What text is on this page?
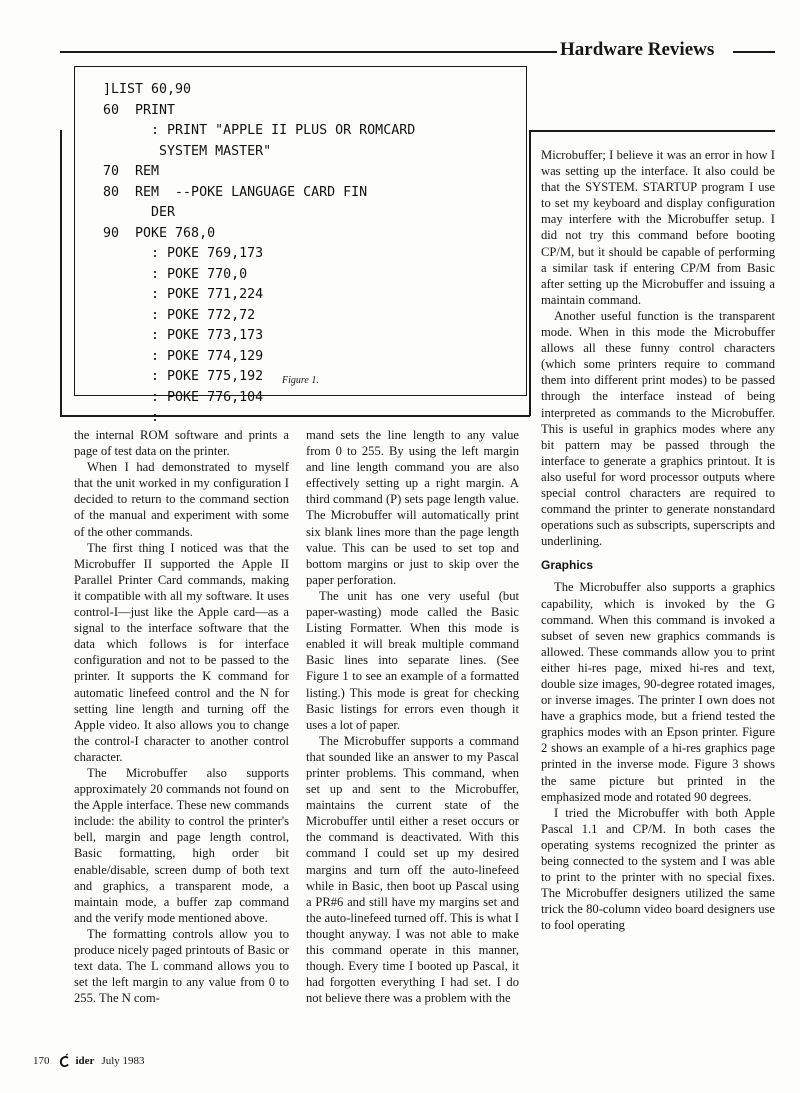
Hardware Reviews
]LIST 60,90
60  PRINT
: PRINT "APPLE II PLUS OR ROMCARD
SYSTEM MASTER"
70  REM
80  REM  --POKE LANGUAGE CARD FIN
DER
90  POKE 768,0
: POKE 769,173
: POKE 770,0
: POKE 771,224
: POKE 772,72
: POKE 773,173
: POKE 774,129
: POKE 775,192
: POKE 776,104
:
Figure 1.

the internal ROM software and prints a page of test data on the printer.

When I had demonstrated to myself that the unit worked in my configuration I decided to return to the command section of the manual and experiment with some of the other commands.

The first thing I noticed was that the Microbuffer II supported the Apple II Parallel Printer Card commands, making it compatible with all my software. It uses control-I—just like the Apple card—as a signal to the interface software that the data which follows is for interface configuration and not to be passed to the printer. It supports the K command for automatic linefeed control and the N for setting line length and turning off the Apple video. It also allows you to change the control-I character to another control character.

The Microbuffer also supports approximately 20 commands not found on the Apple interface. These new commands include: the ability to control the printer's bell, margin and page length control, Basic formatting, high order bit enable/disable, screen dump of both text and graphics, a transparent mode, a maintain mode, a buffer zap command and the verify mode mentioned above.

The formatting controls allow you to produce nicely paged printouts of Basic or text data. The L command allows you to set the left margin to any value from 0 to 255. The N com-

mand sets the line length to any value from 0 to 255. By using the left margin and line length command you are also effectively setting up a right margin. A third command (P) sets page length value. The Microbuffer will automatically print six blank lines more than the page length value. This can be used to set top and bottom margins or just to skip over the paper perforation.

The unit has one very useful (but paper-wasting) mode called the Basic Listing Formatter. When this mode is enabled it will break multiple command Basic lines into separate lines. (See Figure 1 to see an example of a formatted listing.) This mode is great for checking Basic listings for errors even though it uses a lot of paper.

The Microbuffer supports a command that sounded like an answer to my Pascal printer problems. This command, when set up and sent to the Microbuffer, maintains the current state of the Microbuffer until either a reset occurs or the command is deactivated. With this command I could set up my desired margins and turn off the auto-linefeed while in Basic, then boot up Pascal using a PR#6 and still have my margins set and the auto-linefeed turned off. This is what I thought anyway. I was not able to make this command operate in this manner, though. Every time I booted up Pascal, it had forgotten everything I had set. I do not believe there was a problem with the

Microbuffer; I believe it was an error in how I was setting up the interface. It also could be that the SYSTEM. STARTUP program I use to set my keyboard and display configuration may interfere with the Microbuffer setup. I did not try this command before booting CP/M, but it should be capable of performing a similar task if entering CP/M from Basic after setting up the Microbuffer and issuing a maintain command.

Another useful function is the transparent mode. When in this mode the Microbuffer allows all these funny control characters (which some printers require to command them into different print modes) to be passed through the interface instead of being interpreted as commands to the Microbuffer. This is useful in graphics modes where any bit pattern may be passed through the interface to generate a graphics printout. It is also useful for word processor outputs where special control characters are required to command the printer to generate nonstandard operations such as subscripts, superscripts and underlining.

Graphics

The Microbuffer also supports a graphics capability, which is invoked by the G command. When this command is invoked a subset of seven new graphics commands is allowed. These commands allow you to print either hi-res page, mixed hi-res and text, double size images, 90-degree rotated images, or inverse images. The printer I own does not have a graphics mode, but a friend tested the graphics modes with an Epson printer. Figure 2 shows an example of a hi-res graphics page printed in the inverse mode. Figure 3 shows the same picture but printed in the emphasized mode and rotated 90 degrees.

I tried the Microbuffer with both Apple Pascal 1.1 and CP/M. In both cases the operating systems recognized the printer as being connected to the system and I was able to print to the printer with no special fixes. The Microbuffer designers utilized the same trick the 80-column video board designers use to fool operating

170 ider July 1983
